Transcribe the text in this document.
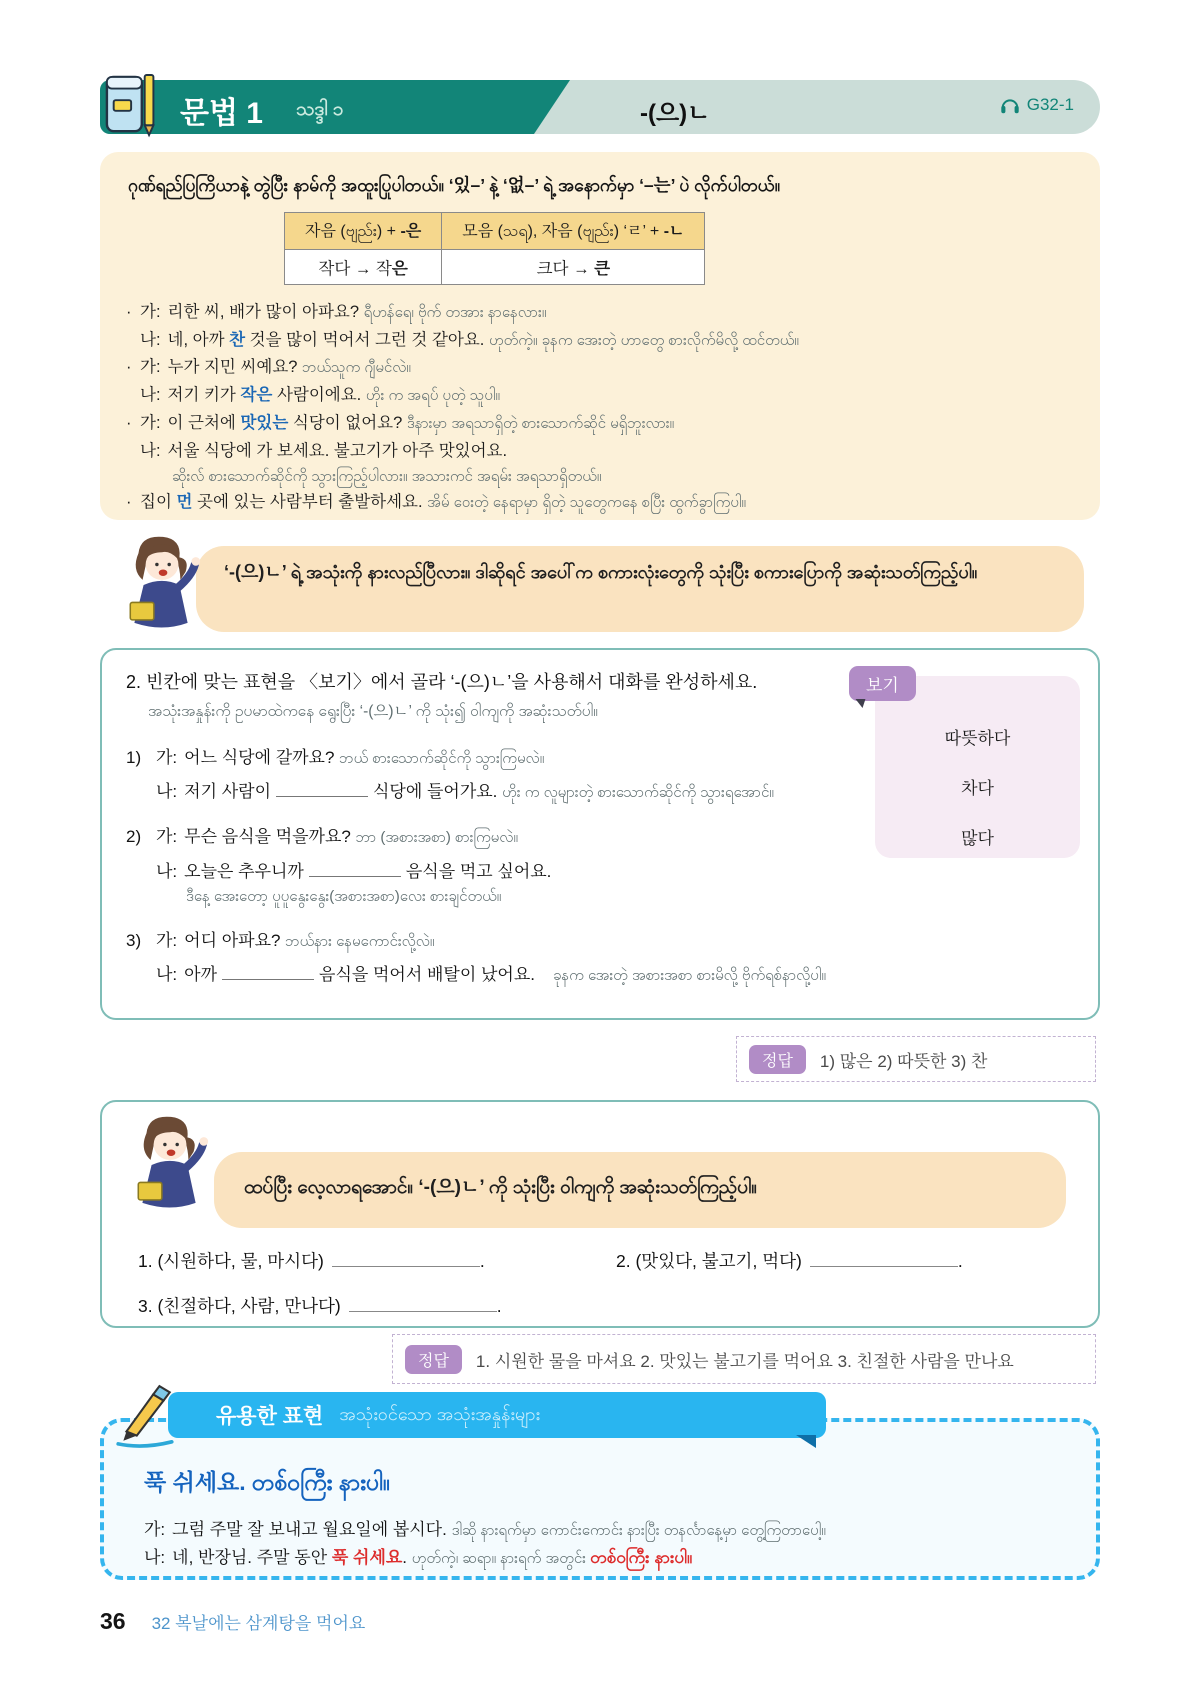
문법 1 သဒ္ဒါ ၁	-(으)ㄴ	G32-1
ဂုဏ်ရည်ပြကြိယာနဲ့ တွဲပြီး နာမ်ကို အထူးပြုပါတယ်။ ‘있–’ နဲ့ ‘없–’ ရဲ့ အနောက်မှာ ‘–는’ ပဲ လိုက်ပါတယ်။
자음 (ဗျည်း) + -은	모음 (သရ), 자음 (ဗျည်း) ‘ㄹ’ + -ㄴ
작다 → 작은	크다 → 큰
· 가: 리한 씨, 배가 많이 아파요? ရီဟန်ရေ၊ ဗိုက် တအား နာနေလား။
나: 네, 아까 찬 것을 많이 먹어서 그런 것 같아요. ဟုတ်ကဲ့။ ခုနက အေးတဲ့ ဟာတွေ စားလိုက်မိလို့ ထင်တယ်။
· 가: 누가 지민 씨예요? ဘယ်သူက ဂျီမင်လဲ။
나: 저기 키가 작은 사람이에요. ဟိုး က အရပ် ပုတဲ့ သူပါ။
· 가: 이 근처에 맛있는 식당이 없어요? ဒီနားမှာ အရသာရှိတဲ့ စားသောက်ဆိုင် မရှိဘူးလား။
나: 서울 식당에 가 보세요. 불고기가 아주 맛있어요.
ဆိုးလ် စားသောက်ဆိုင်ကို သွားကြည့်ပါလား။ အသားကင် အရမ်း အရသာရှိတယ်။
· 집이 먼 곳에 있는 사람부터 출발하세요. အိမ် ဝေးတဲ့ နေရာမှာ ရှိတဲ့ သူတွေကနေ စပြီး ထွက်ခွာကြပါ။
‘-(으)ㄴ’ ရဲ့ အသုံးကို နားလည်ပြီလား။ ဒါဆိုရင် အပေါ်က စကားလုံးတွေကို သုံးပြီး စကားပြောကို အဆုံးသတ်ကြည့်ပါ။
2. 빈칸에 맞는 표현을 〈보기〉에서 골라 ‘-(으)ㄴ’을 사용해서 대화를 완성하세요.
အသုံးအနှုန်းကို ဥပမာထဲကနေ ရွေးပြီး ‘-(으)ㄴ’ ကို သုံး၍ ဝါကျကို အဆုံးသတ်ပါ။
1) 가: 어느 식당에 갈까요? ဘယ် စားသောက်ဆိုင်ကို သွားကြမလဲ။
나: 저기 사람이	식당에 들어가요. ဟိုး က လူများတဲ့ စားသောက်ဆိုင်ကို သွားရအောင်။
2) 가: 무슨 음식을 먹을까요? ဘာ (အစားအစာ) စားကြမလဲ။
나: 오늘은 추우니까	음식을 먹고 싶어요.
ဒီနေ့ အေးတော့ ပူပူနွေးနွေး(အစားအစာ)လေး စားချင်တယ်။
3) 가: 어디 아파요? ဘယ်နား နေမကောင်းလို့လဲ။
나: 아까	음식을 먹어서 배탈이 났어요. ခုနက အေးတဲ့ အစားအစာ စားမိလို့ ဗိုက်ရစ်နာလို့ပါ။
보기
따뜻하다
차다
많다
정답	1) 많은 2) 따뜻한 3) 찬
ထပ်ပြီး လေ့လာရအောင်။ ‘-(으)ㄴ’ ကို သုံးပြီး ဝါကျကို အဆုံးသတ်ကြည့်ပါ။
1. (시원하다, 물, 마시다)	.	2. (맛있다, 불고기, 먹다)	.
3. (친절하다, 사람, 만나다)	.
정답	1. 시원한 물을 마셔요 2. 맛있는 불고기를 먹어요 3. 친절한 사람을 만나요
유용한 표현 အသုံးဝင်သော အသုံးအနှုန်းများ
푹 쉬세요. တစ်ဝကြီး နားပါ။
가: 그럼 주말 잘 보내고 월요일에 봅시다. ဒါဆို နားရက်မှာ ကောင်းကောင်း နားပြီး တနင်္လာနေ့မှာ တွေ့ကြတာပေါ့။
나: 네, 반장님. 주말 동안 푹 쉬세요. ဟုတ်ကဲ့၊ ဆရာ။ နားရက် အတွင်း တစ်ဝကြီး နားပါ။
36 32 복날에는 삼계탕을 먹어요
